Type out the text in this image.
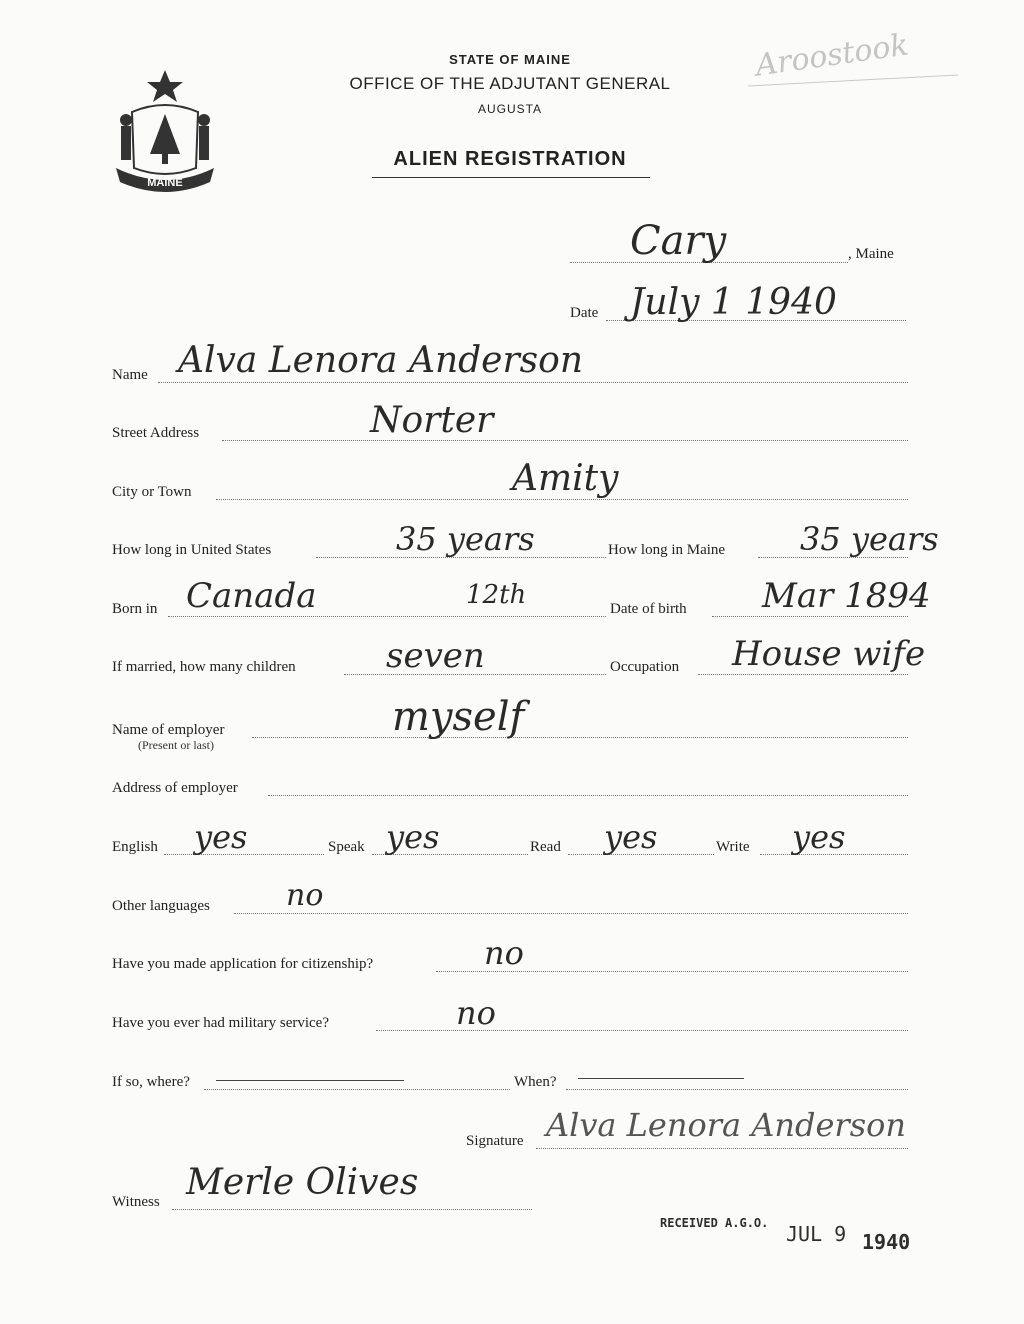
MAINE
STATE OF MAINE
OFFICE OF THE ADJUTANT GENERAL
AUGUSTA
ALIEN REGISTRATION
Aroostook
Cary	, Maine
Date July 1 1940
Name Alva Lenora Anderson
Street Address	Norter
City or Town	Amity
How long in United States	35 years	How long in Maine 35 years
Born in Canada	12th	Date of birth Mar 1894
If married, how many children	seven	Occupation House wife
Name of employer
(Present or last)
myself
Address of employer
English yes	Speak yes	Read yes	Write yes
Other languages	no
Have you made application for citizenship?	no
Have you ever had military service?	no
If so, where?	When?
Signature Alva Lenora Anderson
Witness Merle Olives
RECEIVED A.G.O. JUL 9 1940
